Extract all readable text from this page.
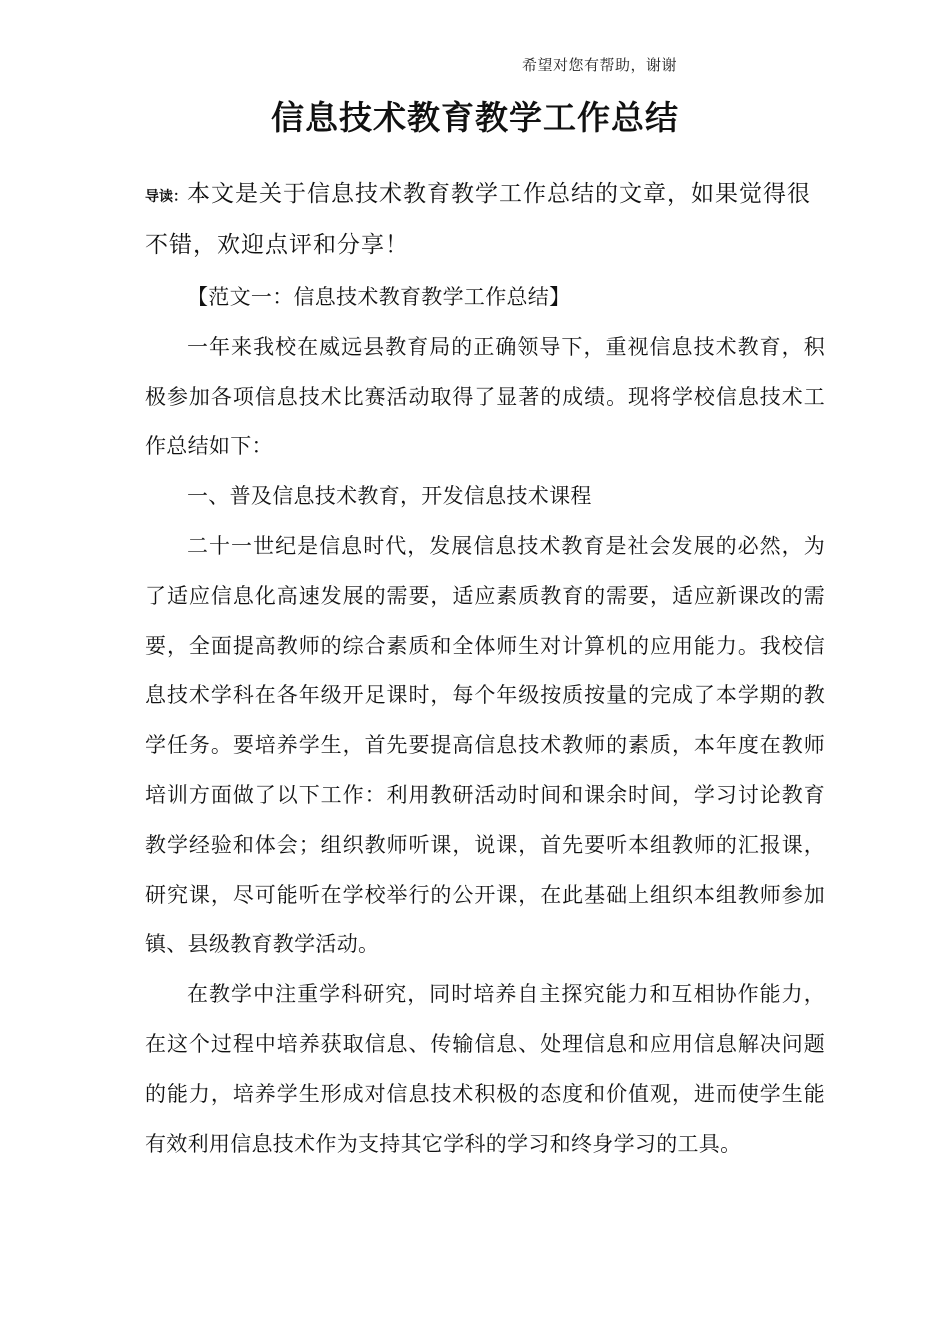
希望对您有帮助，谢谢
信息技术教育教学工作总结

导读：本文是关于信息技术教育教学工作总结的文章，如果觉得很不错，欢迎点评和分享！

【范文一：信息技术教育教学工作总结】

一年来我校在威远县教育局的正确领导下，重视信息技术教育，积极参加各项信息技术比赛活动取得了显著的成绩。现将学校信息技术工作总结如下：

一、普及信息技术教育，开发信息技术课程

二十一世纪是信息时代，发展信息技术教育是社会发展的必然，为了适应信息化高速发展的需要，适应素质教育的需要，适应新课改的需要，全面提高教师的综合素质和全体师生对计算机的应用能力。我校信息技术学科在各年级开足课时，每个年级按质按量的完成了本学期的教学任务。要培养学生，首先要提高信息技术教师的素质，本年度在教师培训方面做了以下工作：利用教研活动时间和课余时间，学习讨论教育教学经验和体会；组织教师听课，说课，首先要听本组教师的汇报课，研究课，尽可能听在学校举行的公开课，在此基础上组织本组教师参加镇、县级教育教学活动。

在教学中注重学科研究，同时培养自主探究能力和互相协作能力，在这个过程中培养获取信息、传输信息、处理信息和应用信息解决问题的能力，培养学生形成对信息技术积极的态度和价值观，进而使学生能有效利用信息技术作为支持其它学科的学习和终身学习的工具。
